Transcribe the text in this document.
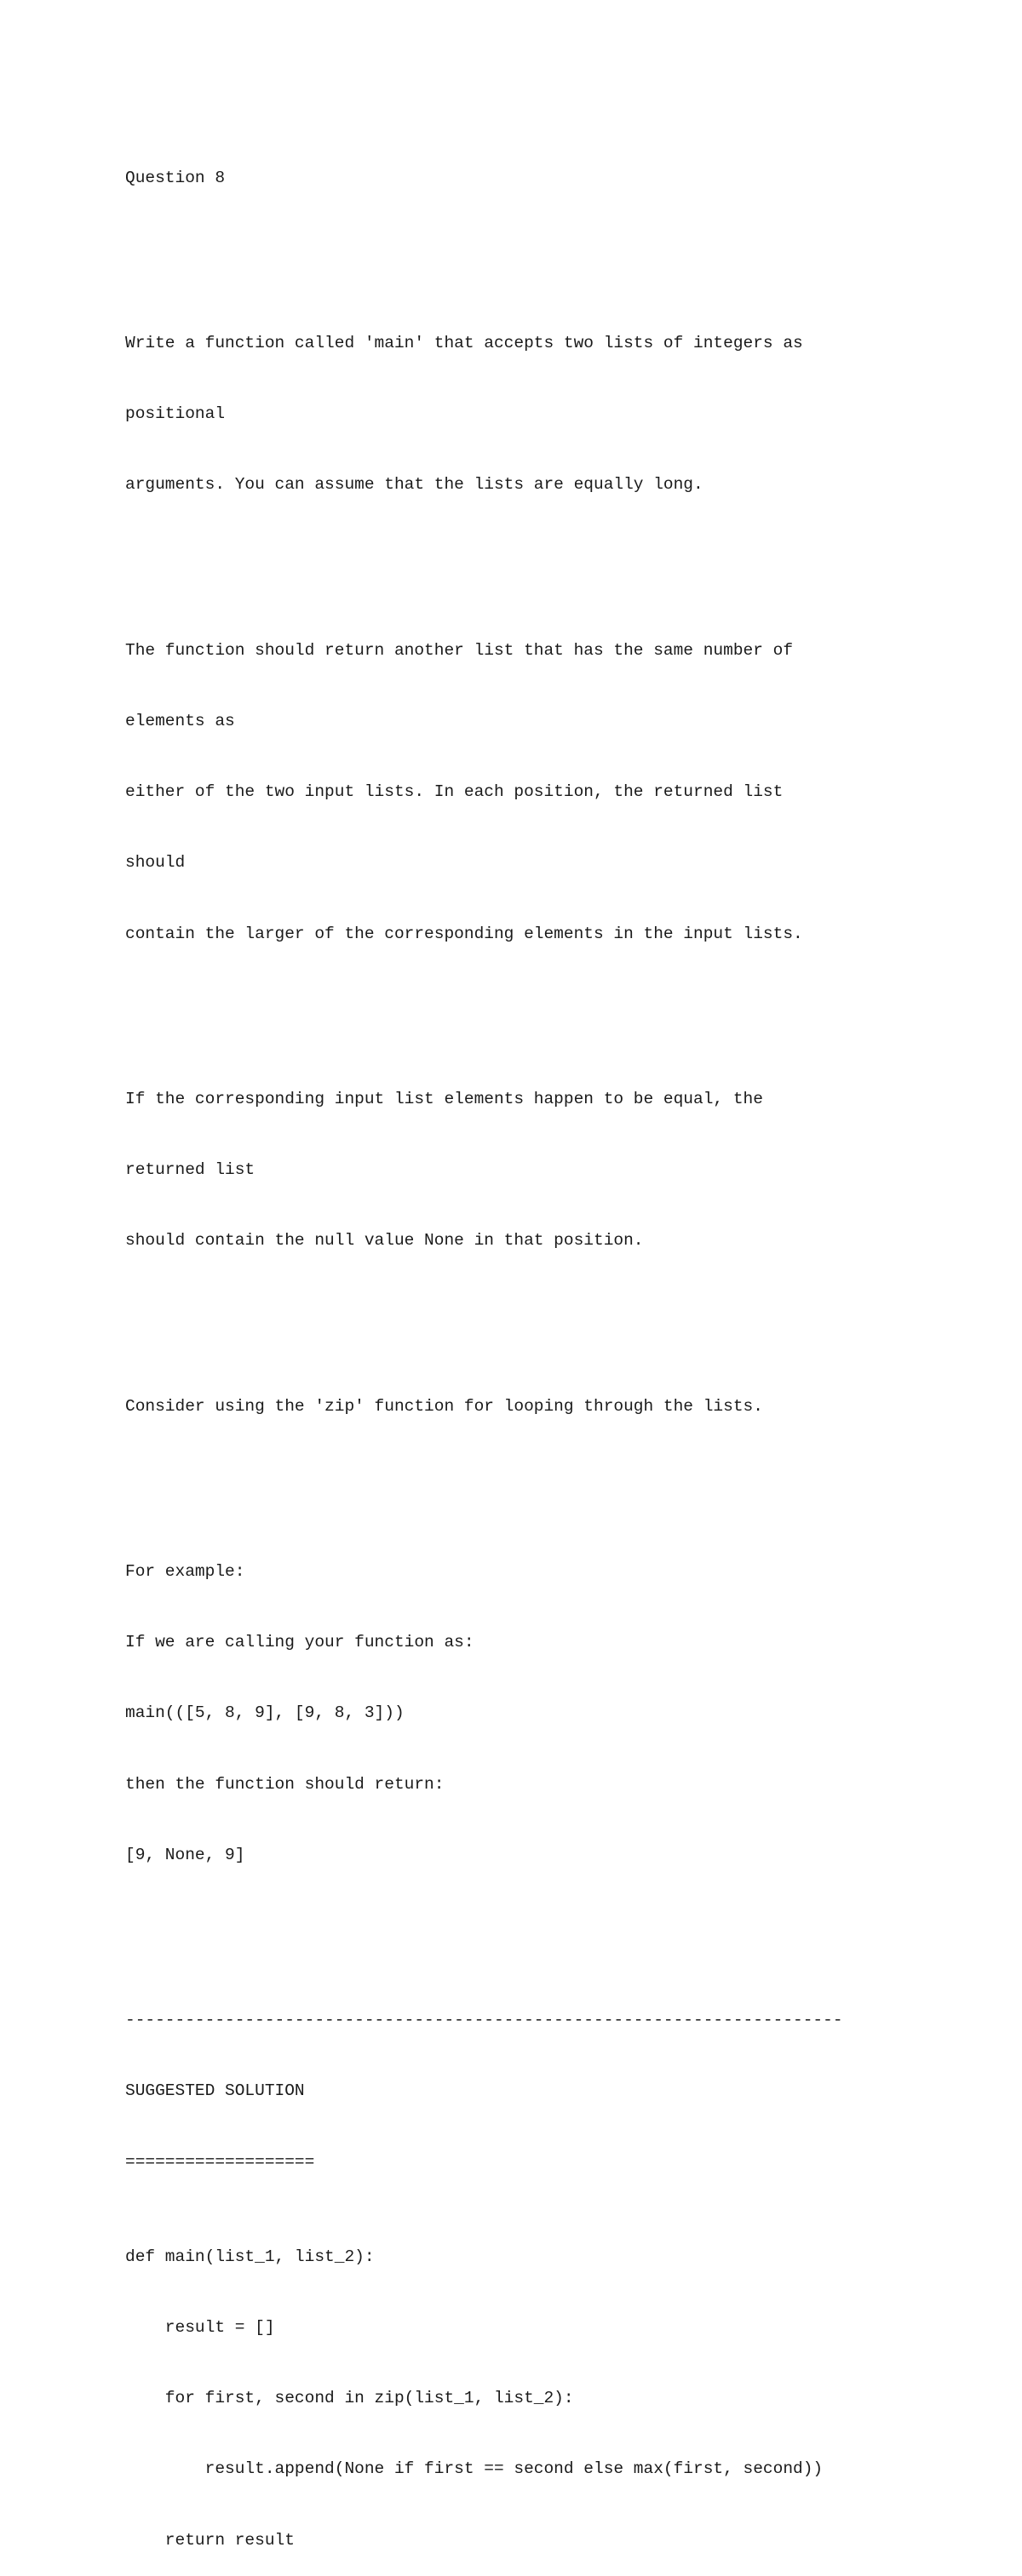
Question 8

Write a function called 'main' that accepts two lists of integers as

positional

arguments. You can assume that the lists are equally long.

The function should return another list that has the same number of

elements as

either of the two input lists. In each position, the returned list

should

contain the larger of the corresponding elements in the input lists.

If the corresponding input list elements happen to be equal, the

returned list

should contain the null value None in that position.

Consider using the 'zip' function for looping through the lists.

For example:

If we are calling your function as:

main(([5, 8, 9], [9, 8, 3]))

then the function should return:

[9, None, 9]

------------------------------------------------------------------------

SUGGESTED SOLUTION

===================

def main(list_1, list_2):

result = []

for first, second in zip(list_1, list_2):

result.append(None if first == second else max(first, second))

return result
